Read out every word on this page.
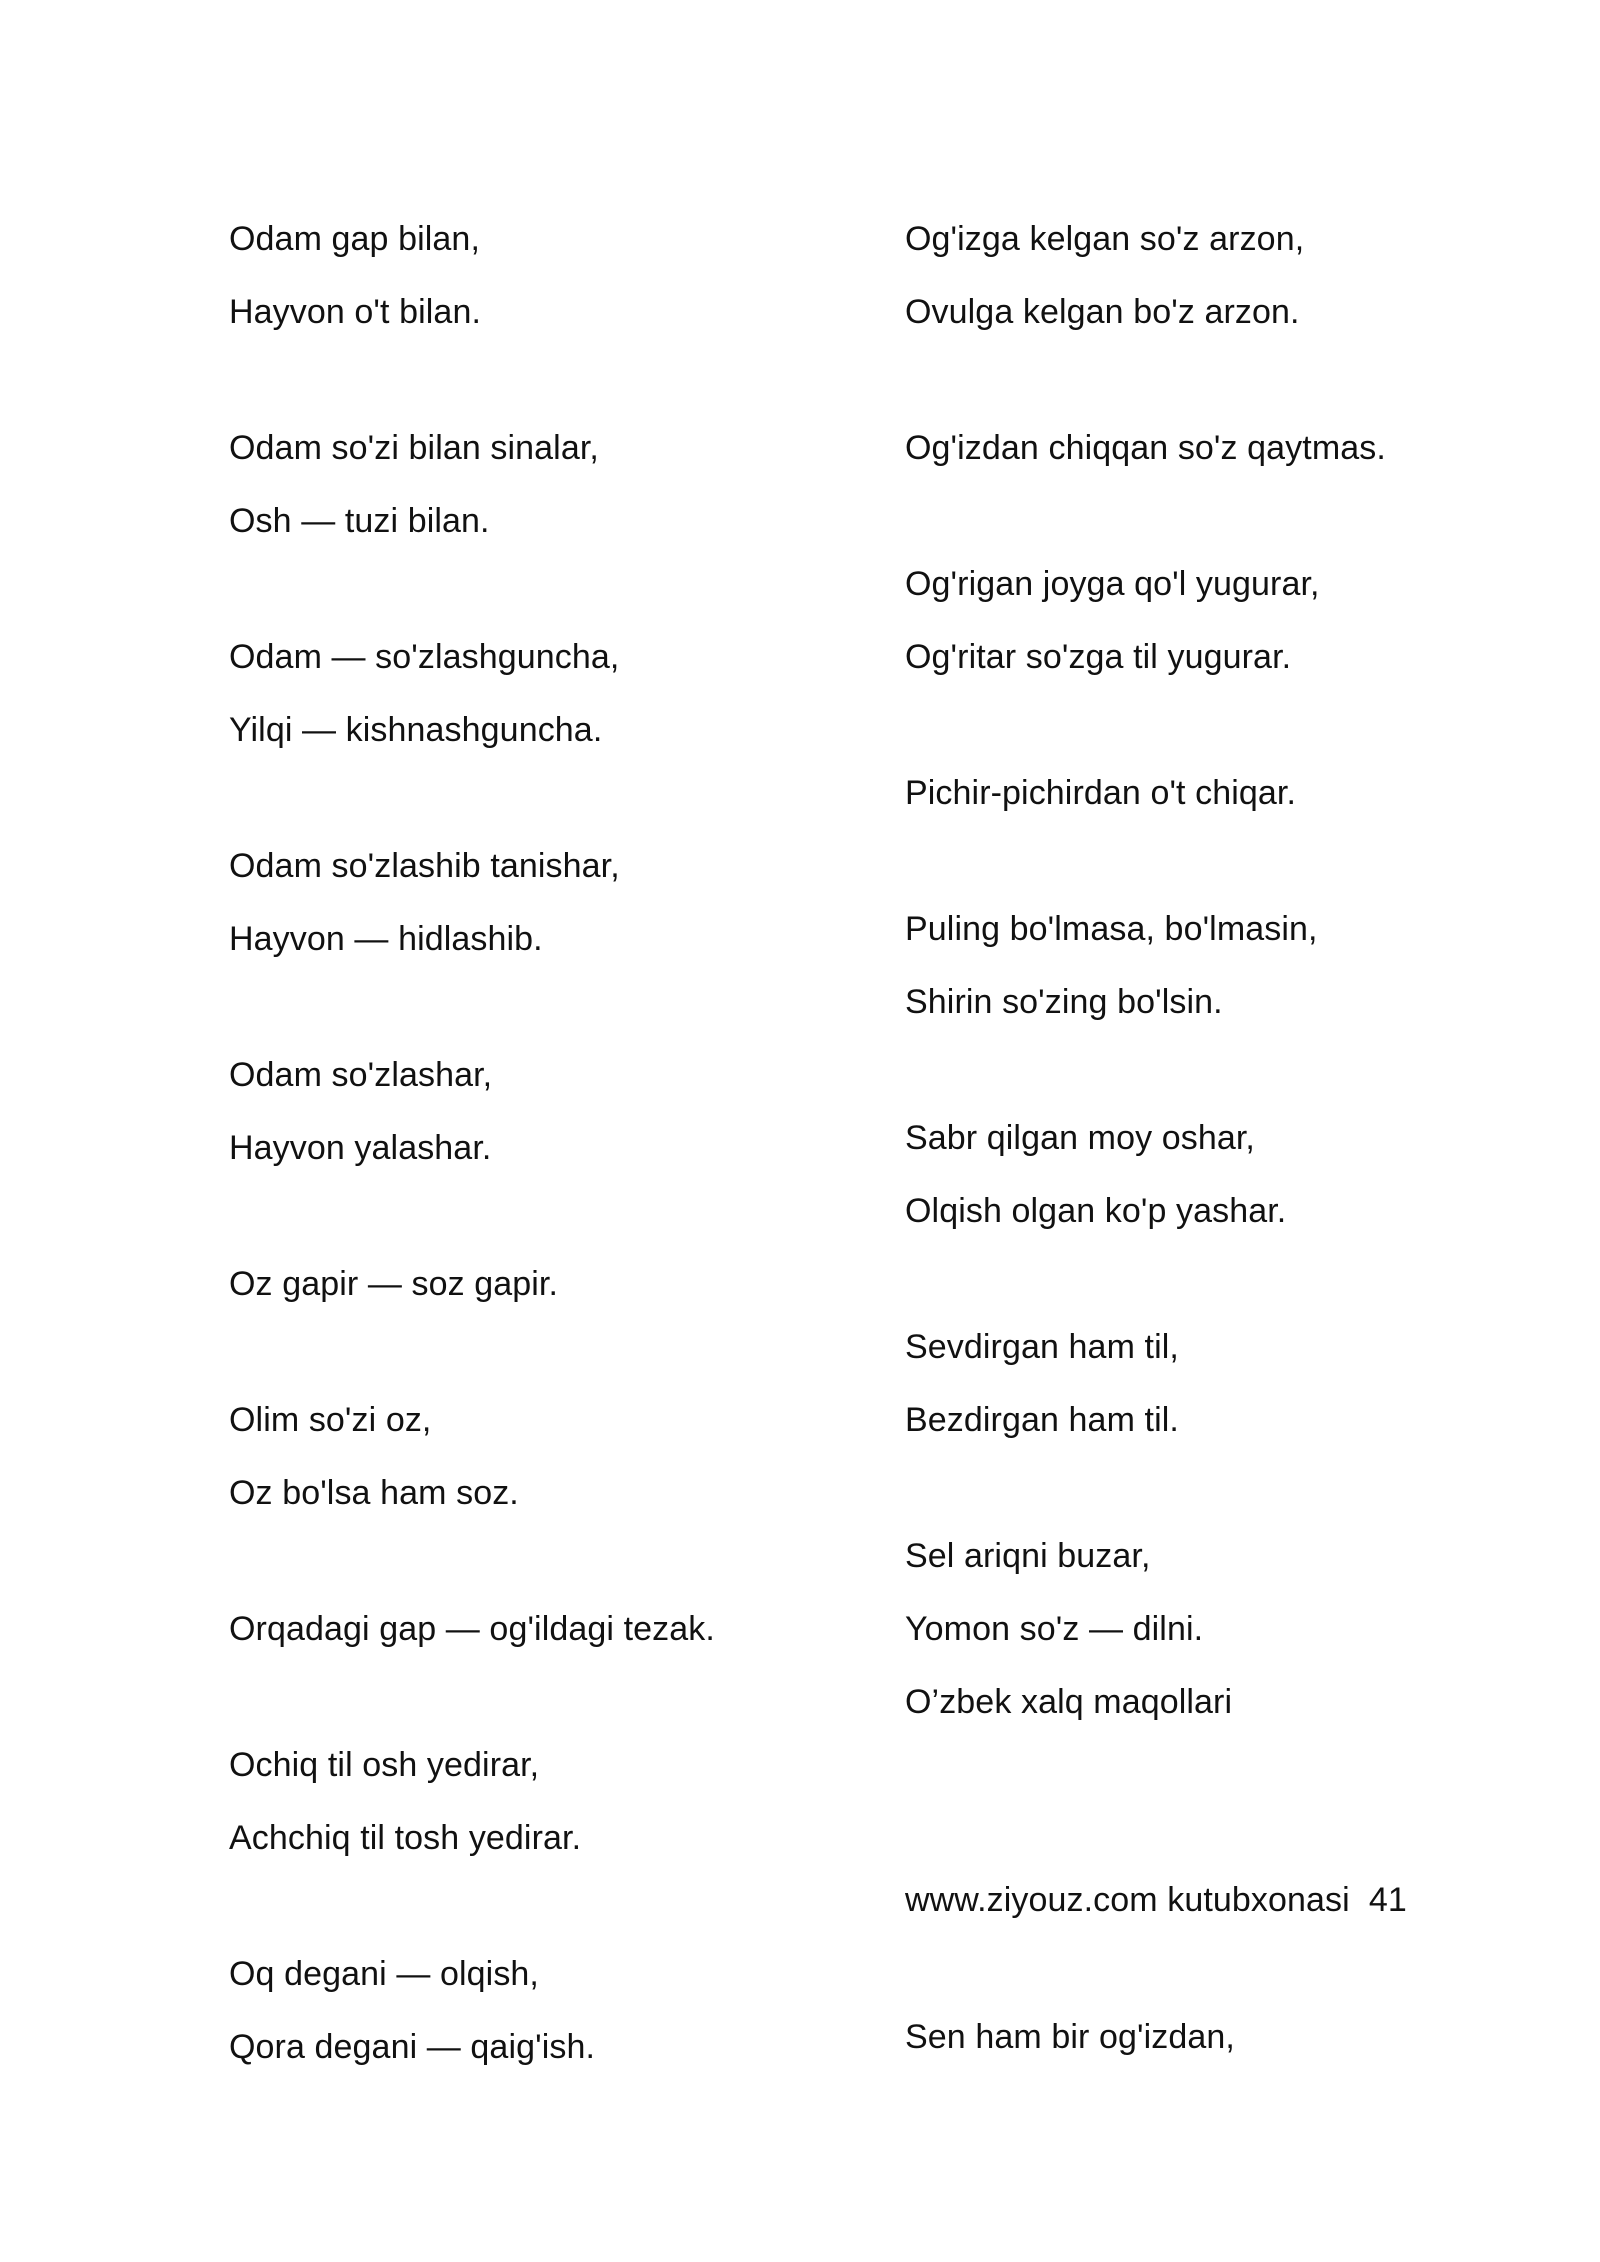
Odam gap bilan,
Hayvon o't bilan.
Odam so'zi bilan sinalar,
Osh — tuzi bilan.
Odam — so'zlashguncha,
Yilqi — kishnashguncha.
Odam so'zlashib tanishar,
Hayvon — hidlashib.
Odam so'zlashar,
Hayvon yalashar.
Oz gapir — soz gapir.
Olim so'zi oz,
Oz bo'lsa ham soz.
Orqadagi gap — og'ildagi tezak.
Ochiq til osh yedirar,
Achchiq til tosh yedirar.
Oq degani — olqish,
Qora degani — qaig'ish.
Og'izga kelgan so'z arzon,
Ovulga kelgan bo'z arzon.
Og'izdan chiqqan so'z qaytmas.
Og'rigan joyga qo'l yugurar,
Og'ritar so'zga til yugurar.
Pichir-pichirdan o't chiqar.
Puling bo'lmasa, bo'lmasin,
Shirin so'zing bo'lsin.
Sabr qilgan moy oshar,
Olqish olgan ko'p yashar.
Sevdirgan ham til,
Bezdirgan ham til.
Sel ariqni buzar,
Yomon so'z — dilni.
O’zbek xalq maqollari
www.ziyouz.com kutubxonasi 41
Sen ham bir og'izdan,
